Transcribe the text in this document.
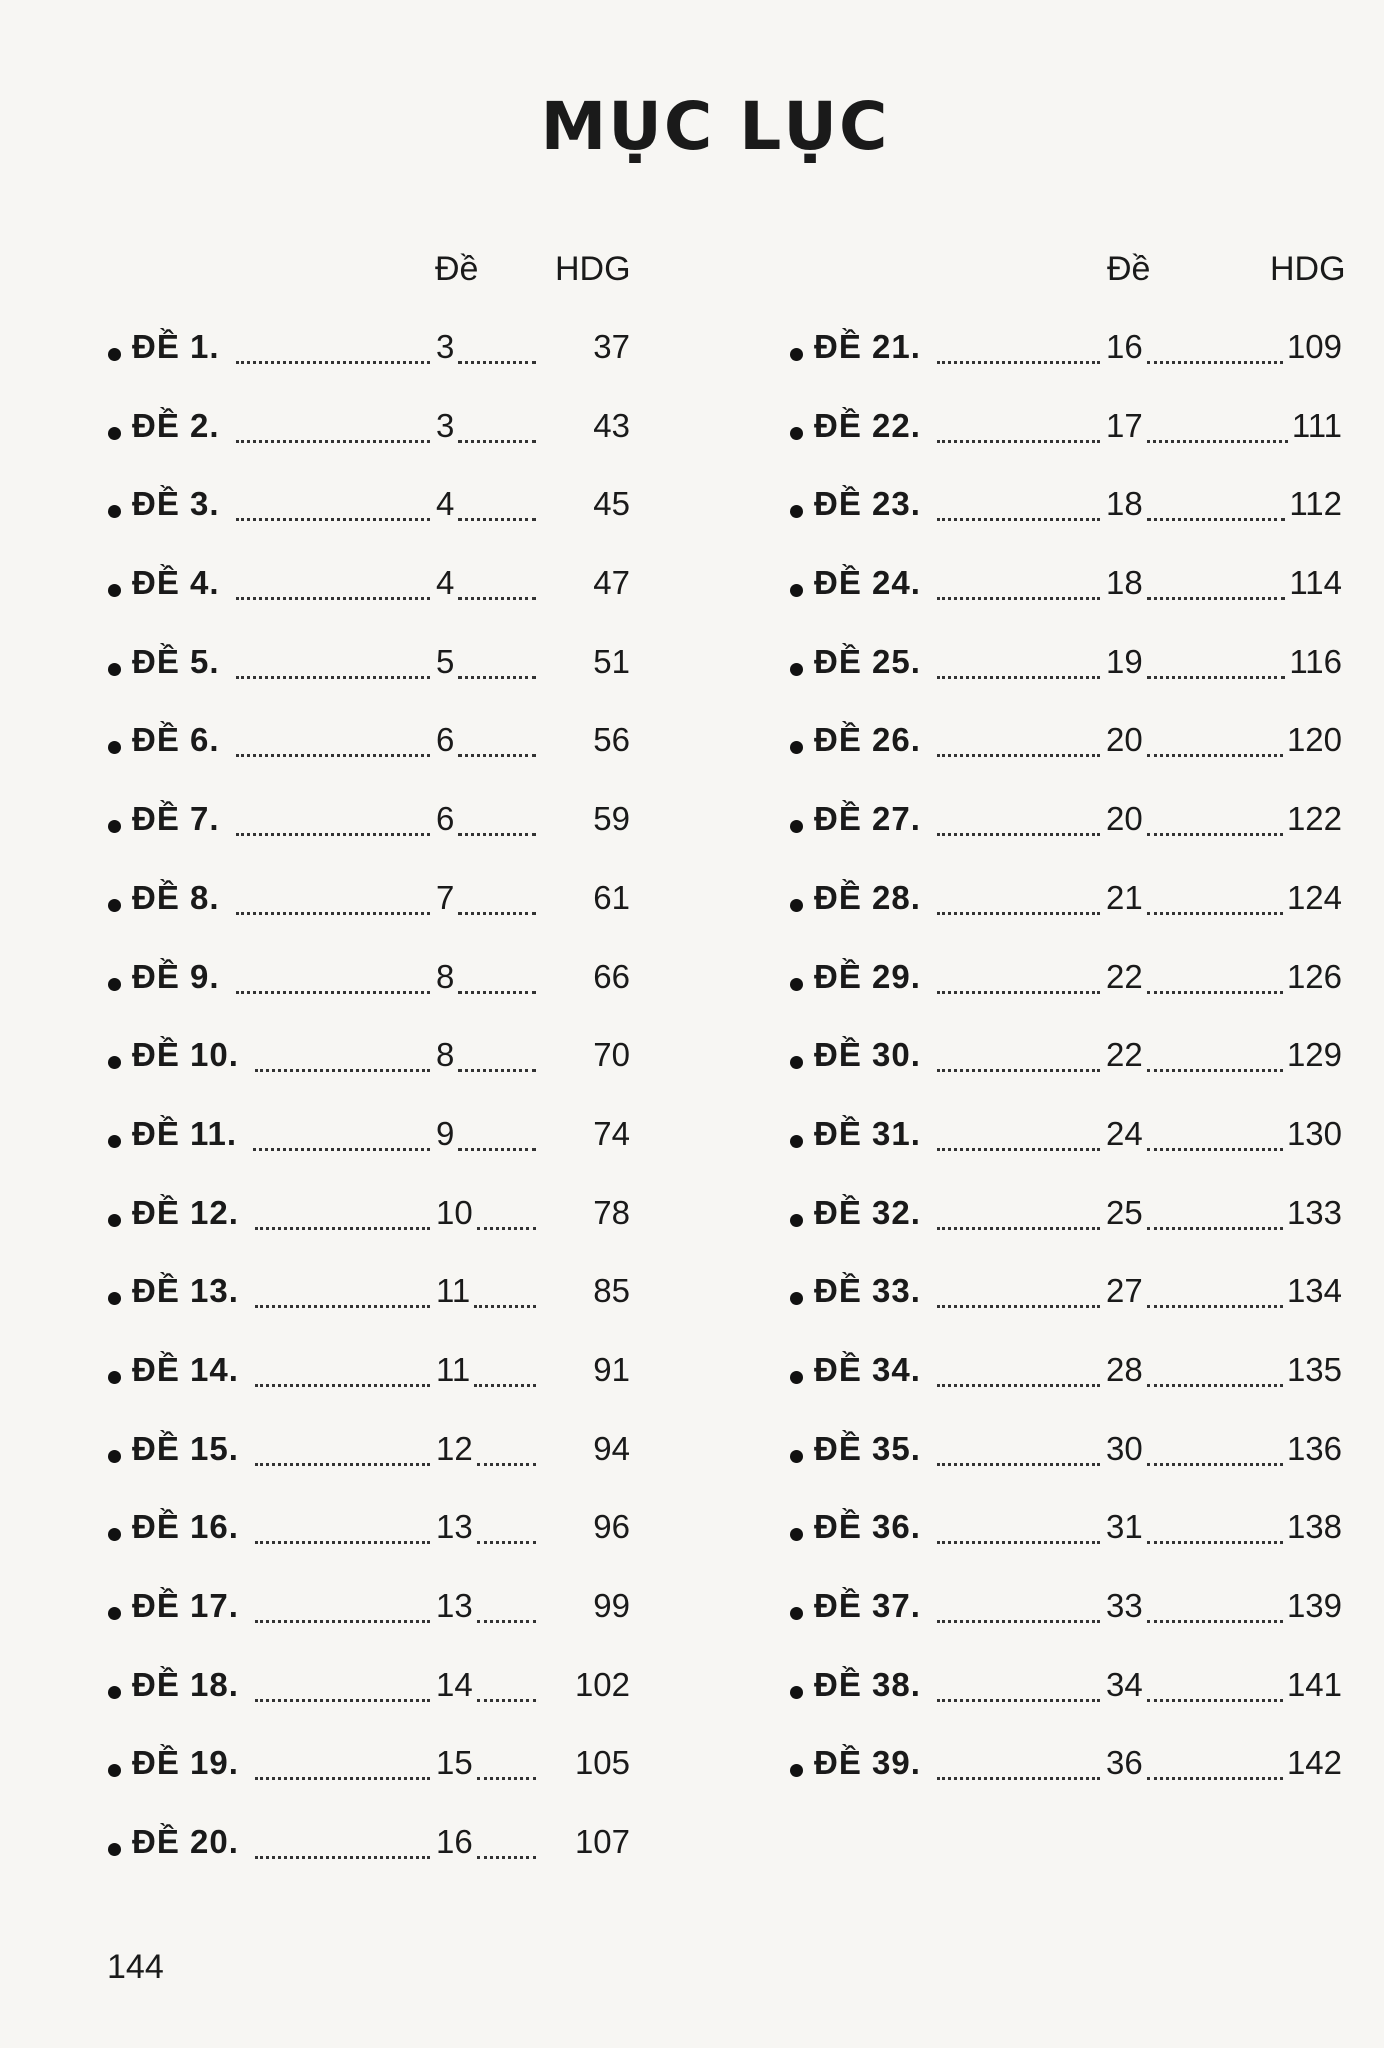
MỤC LỤC
Đề HDG
ĐỀ 1.	3	37
ĐỀ 2.	3	43
ĐỀ 3.	4	45
ĐỀ 4.	4	47
ĐỀ 5.	5	51
ĐỀ 6.	6	56
ĐỀ 7.	6	59
ĐỀ 8.	7	61
ĐỀ 9.	8	66
ĐỀ 10.	8	70
ĐỀ 11.	9	74
ĐỀ 12.	10	78
ĐỀ 13.	11	85
ĐỀ 14.	11	91
ĐỀ 15.	12	94
ĐỀ 16.	13	96
ĐỀ 17.	13	99
ĐỀ 18.	14	102
ĐỀ 19.	15	105
ĐỀ 20.	16	107
Đề	HDG
ĐỀ 21.	16	109
ĐỀ 22.	17	111
ĐỀ 23.	18	112
ĐỀ 24.	18	114
ĐỀ 25.	19	116
ĐỀ 26.	20	120
ĐỀ 27.	20	122
ĐỀ 28.	21	124
ĐỀ 29.	22	126
ĐỀ 30.	22	129
ĐỀ 31.	24	130
ĐỀ 32.	25	133
ĐỀ 33.	27	134
ĐỀ 34.	28	135
ĐỀ 35.	30	136
ĐỀ 36.	31	138
ĐỀ 37.	33	139
ĐỀ 38.	34	141
ĐỀ 39.	36	142
144
